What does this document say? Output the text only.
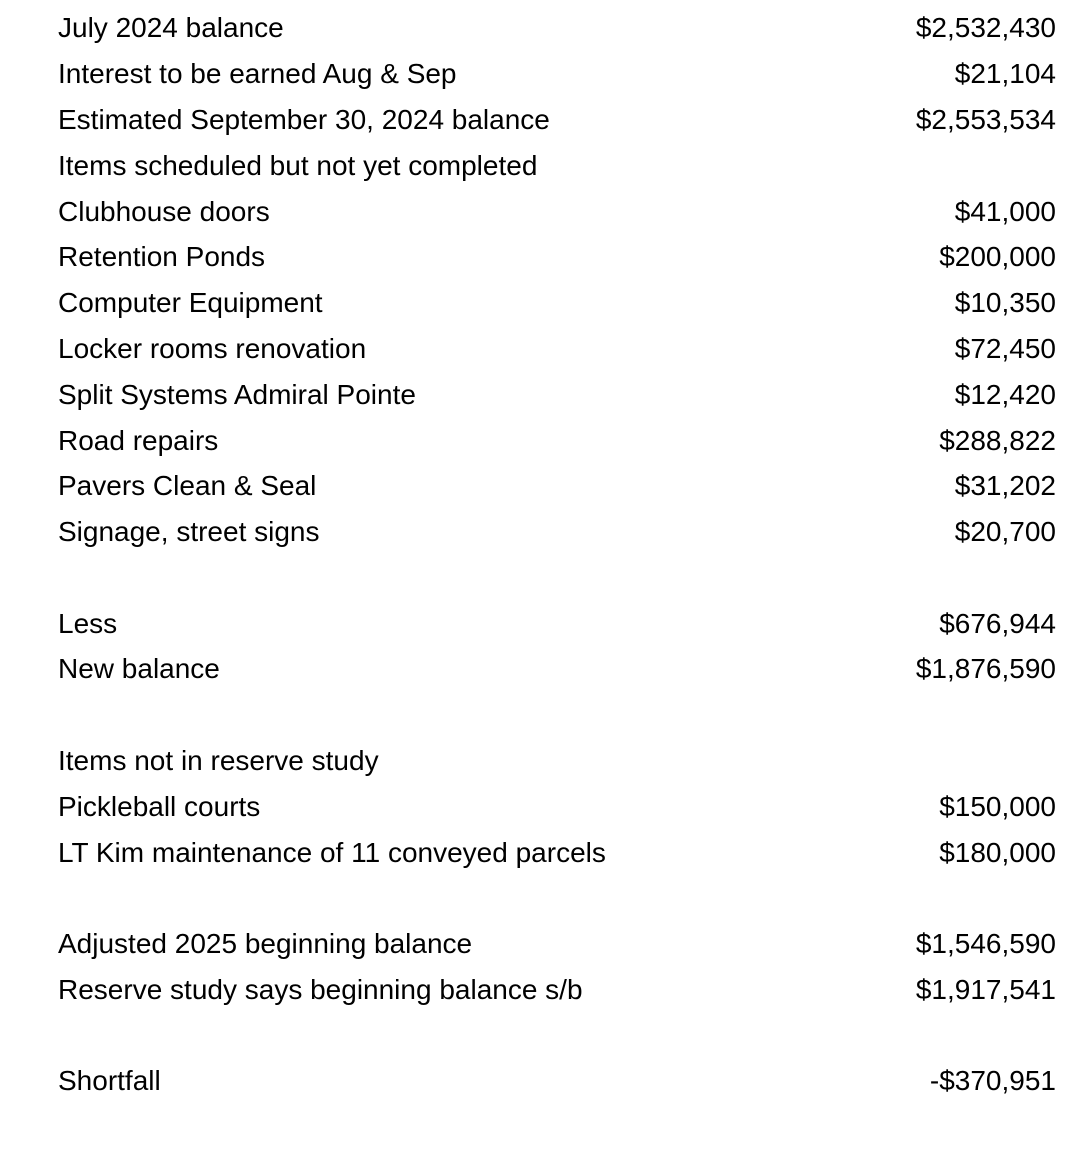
July 2024 balance	$2,532,430
Interest to be earned Aug & Sep	$21,104
Estimated September 30, 2024 balance	$2,553,534
Items scheduled but not yet completed
Clubhouse doors	$41,000
Retention Ponds	$200,000
Computer Equipment	$10,350
Locker rooms renovation	$72,450
Split Systems Admiral Pointe	$12,420
Road repairs	$288,822
Pavers Clean & Seal	$31,202
Signage, street signs	$20,700
Less	$676,944
New balance	$1,876,590
Items not in reserve study
Pickleball courts	$150,000
LT Kim maintenance of 11 conveyed parcels	$180,000
Adjusted 2025 beginning balance	$1,546,590
Reserve study says beginning balance s/b	$1,917,541
Shortfall	-$370,951
